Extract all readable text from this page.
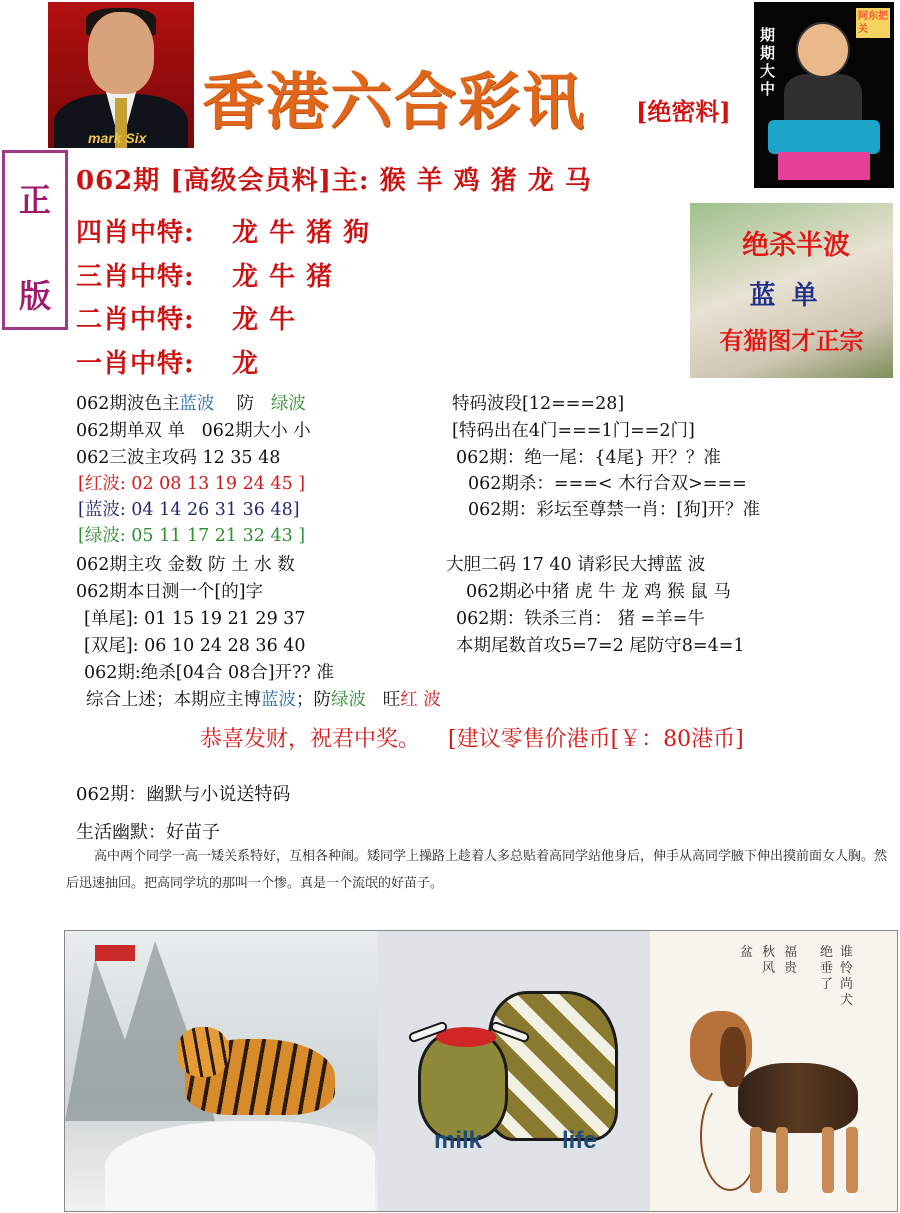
mark Six 香港六合彩讯 [绝密料]
期期大中
阿东把关
正
版
062期 [高级会员料]主: 猴 羊 鸡 猪 龙 马
四肖中特: 龙 牛 猪 狗
三肖中特: 龙 牛 猪
二肖中特: 龙 牛
一肖中特: 龙
绝杀半波
蓝单
有猫图才正宗
062期波色主蓝波 防 绿波
062期单双 单 062期大小 小
062三波主攻码 12 35 48
[红波: 02 08 13 19 24 45 ]
[蓝波: 04 14 26 31 36 48]
[绿波: 05 11 17 21 32 43 ]
062期主攻 金数 防 土 水 数
062期本日测一个[的]字
[单尾]: 01 15 19 21 29 37
[双尾]: 06 10 24 28 36 40
062期:绝杀[04合 08合]开?? 准
综合上述；本期应主博蓝波；防绿波 旺红 波
特码波段[12===28]
[特码出在4门===1门==2门]
062期：绝一尾：{4尾} 开？？准
062期杀：===< 木行合双>===
062期：彩坛至尊禁一肖：[狗]开？准
大胆二码 17 40 请彩民大搏蓝 波
062期必中猪 虎 牛 龙 鸡 猴 鼠 马
062期：铁杀三肖： 猪 =羊=牛
本期尾数首攻5=7=2 尾防守8=4=1
恭喜发财，祝君中奖。 [建议零售价港币[￥：80港币]
062期：幽默与小说送特码
生活幽默：好苗子
高中两个同学一高一矮关系特好，互相各种闹。矮同学上操路上趁着人多总贴着高同学站他身后，伸手从高同学腋下伸出摸前面女人胸。然后迅速抽回。把高同学坑的那叫一个惨。真是一个流氓的好苗子。
milk	life
谁怜尚犬
绝垂了
福贵
秋风
盆
